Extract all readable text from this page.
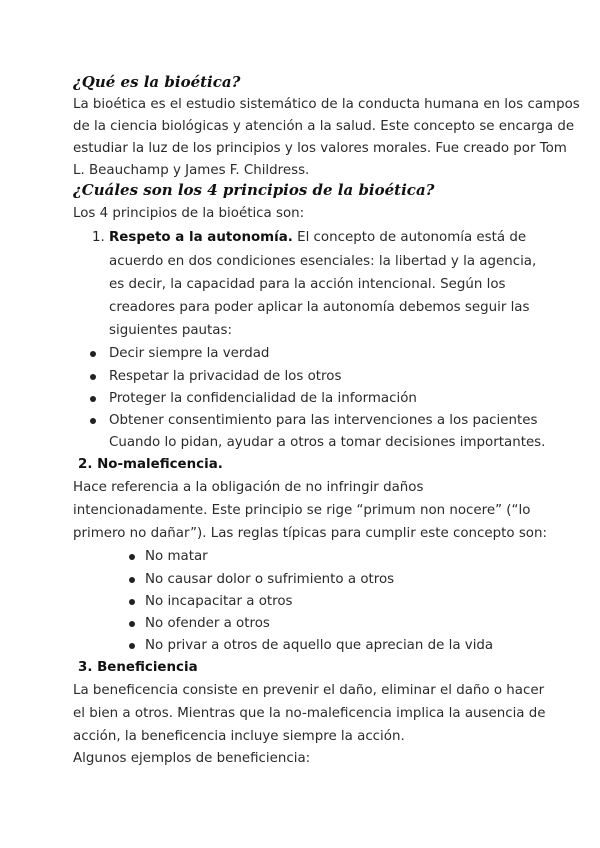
¿Qué es la bioética?
La bioética es el estudio sistemático de la conducta humana en los campos
de la ciencia biológicas y atención a la salud. Este concepto se encarga de
estudiar la luz de los principios y los valores morales. Fue creado por Tom
L. Beauchamp y James F. Childress.
¿Cuáles son los 4 principios de la bioética?
Los 4 principios de la bioética son:
1. Respeto a la autonomía. El concepto de autonomía está de
acuerdo en dos condiciones esenciales: la libertad y la agencia,
es decir, la capacidad para la acción intencional. Según los
creadores para poder aplicar la autonomía debemos seguir las
siguientes pautas:
Decir siempre la verdad
Respetar la privacidad de los otros
Proteger la confidencialidad de la información
Obtener consentimiento para las intervenciones a los pacientes
Cuando lo pidan, ayudar a otros a tomar decisiones importantes.
2. No-maleficencia.
Hace referencia a la obligación de no infringir daños
intencionadamente. Este principio se rige “primum non nocere” (“lo
primero no dañar”). Las reglas típicas para cumplir este concepto son:
No matar
No causar dolor o sufrimiento a otros
No incapacitar a otros
No ofender a otros
No privar a otros de aquello que aprecian de la vida
3. Beneficiencia
La beneficencia consiste en prevenir el daño, eliminar el daño o hacer
el bien a otros. Mientras que la no-maleficencia implica la ausencia de
acción, la beneficencia incluye siempre la acción.
Algunos ejemplos de beneficiencia:
